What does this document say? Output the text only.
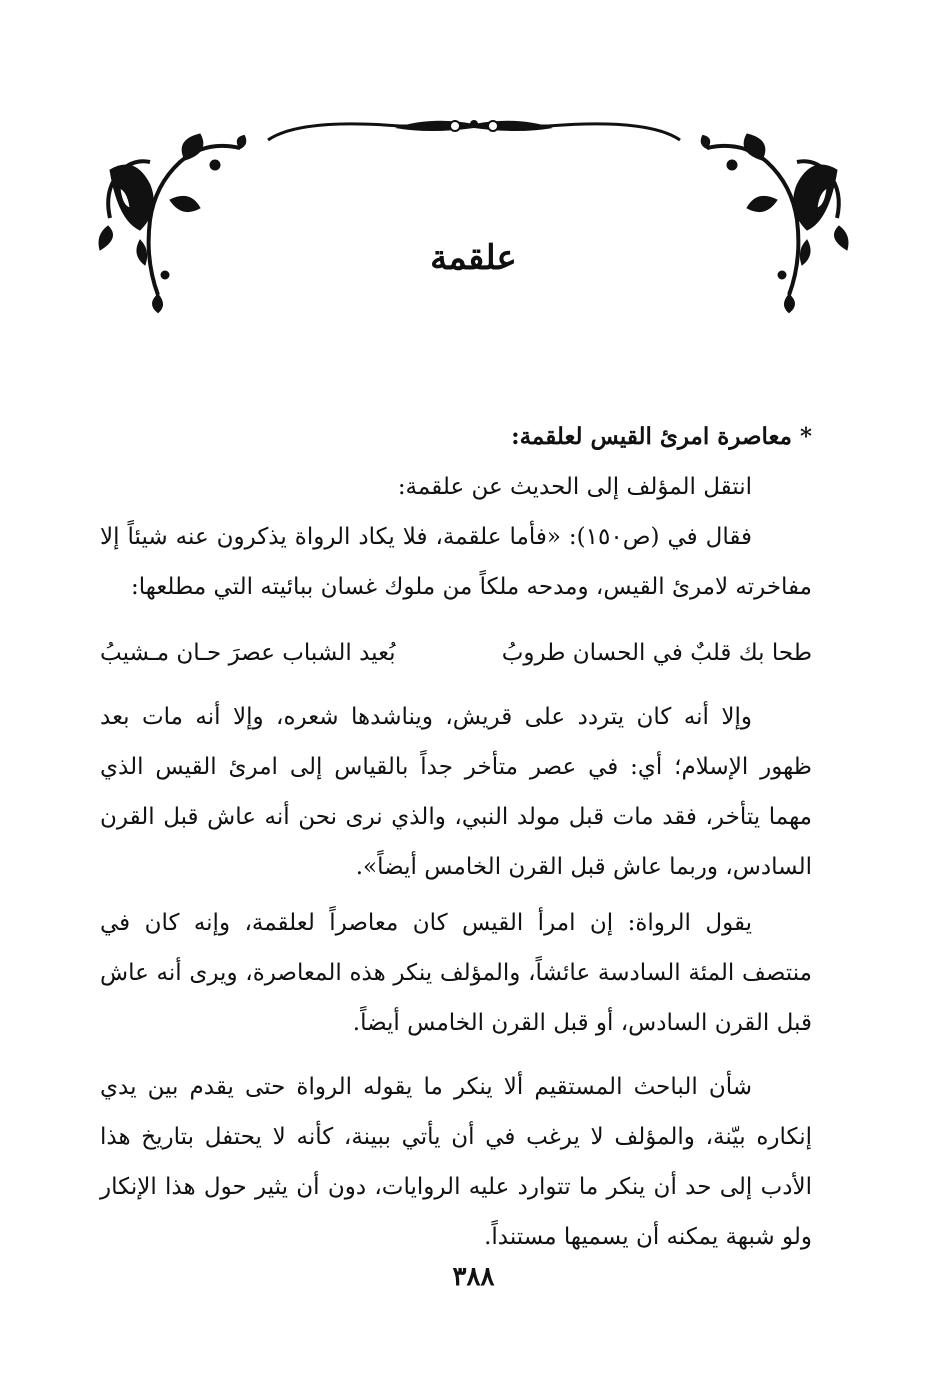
علقمة

* معاصرة امرئ القيس لعلقمة:

انتقل المؤلف إلى الحديث عن علقمة:

فقال في (ص١٥٠): «فأما علقمة، فلا يكاد الرواة يذكرون عنه شيئاً إلا مفاخرته لامرئ القيس، ومدحه ملكاً من ملوك غسان ببائيته التي مطلعها:

طحا بك قلبٌ في الحسان طروبُ
بُعيد الشباب عصرَ حـان مـشيبُ

وإلا أنه كان يتردد على قريش، ويناشدها شعره، وإلا أنه مات بعد ظهور الإسلام؛ أي: في عصر متأخر جداً بالقياس إلى امرئ القيس الذي مهما يتأخر، فقد مات قبل مولد النبي، والذي نرى نحن أنه عاش قبل القرن السادس، وربما عاش قبل القرن الخامس أيضاً».

يقول الرواة: إن امرأ القيس كان معاصراً لعلقمة، وإنه كان في منتصف المئة السادسة عائشاً، والمؤلف ينكر هذه المعاصرة، ويرى أنه عاش قبل القرن السادس، أو قبل القرن الخامس أيضاً.

شأن الباحث المستقيم ألا ينكر ما يقوله الرواة حتى يقدم بين يدي إنكاره بيّنة، والمؤلف لا يرغب في أن يأتي ببينة، كأنه لا يحتفل بتاريخ هذا الأدب إلى حد أن ينكر ما تتوارد عليه الروايات، دون أن يثير حول هذا الإنكار ولو شبهة يمكنه أن يسميها مستنداً.

٣٨٨
